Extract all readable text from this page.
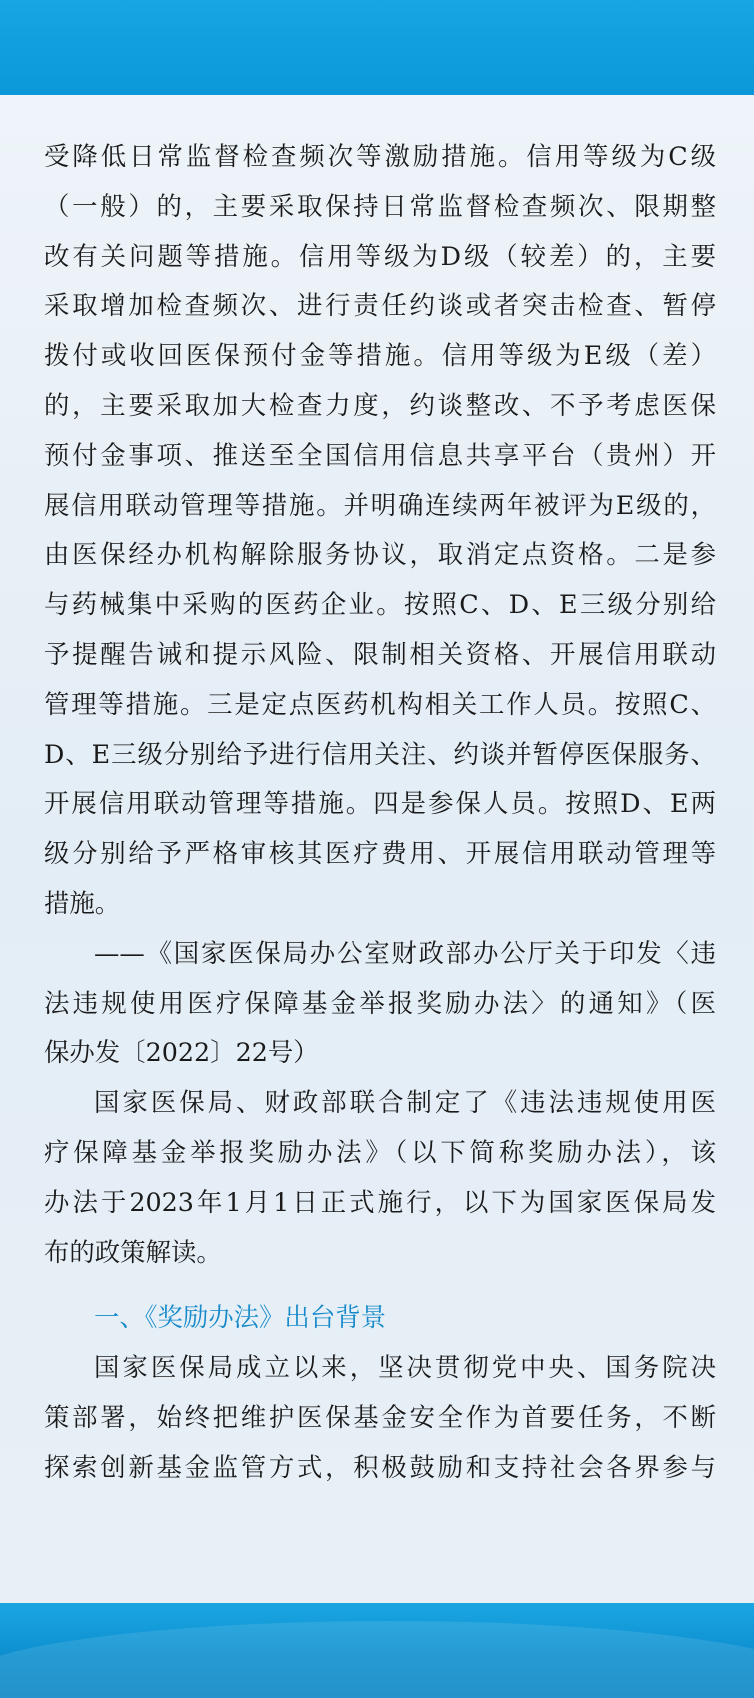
受降低日常监督检查频次等激励措施。信用等级为C级
（一般）的，主要采取保持日常监督检查频次、限期整
改有关问题等措施。信用等级为D级（较差）的，主要
采取增加检查频次、进行责任约谈或者突击检查、暂停
拨付或收回医保预付金等措施。信用等级为E级（差）
的，主要采取加大检查力度，约谈整改、不予考虑医保
预付金事项、推送至全国信用信息共享平台（贵州）开
展信用联动管理等措施。并明确连续两年被评为E级的，
由医保经办机构解除服务协议，取消定点资格。二是参
与药械集中采购的医药企业。按照C、D、E三级分别给
予提醒告诫和提示风险、限制相关资格、开展信用联动
管理等措施。三是定点医药机构相关工作人员。按照C、
D、E三级分别给予进行信用关注、约谈并暂停医保服务、
开展信用联动管理等措施。四是参保人员。按照D、E两
级分别给予严格审核其医疗费用、开展信用联动管理等
措施。
——《国家医保局办公室财政部办公厅关于印发〈违
法违规使用医疗保障基金举报奖励办法〉的通知》（医
保办发〔2022〕22号）
国家医保局、财政部联合制定了《违法违规使用医
疗保障基金举报奖励办法》（以下简称奖励办法），该
办法于2023年1月1日正式施行，以下为国家医保局发
布的政策解读。
一、《奖励办法》出台背景
国家医保局成立以来，坚决贯彻党中央、国务院决
策部署，始终把维护医保基金安全作为首要任务，不断
探索创新基金监管方式，积极鼓励和支持社会各界参与
